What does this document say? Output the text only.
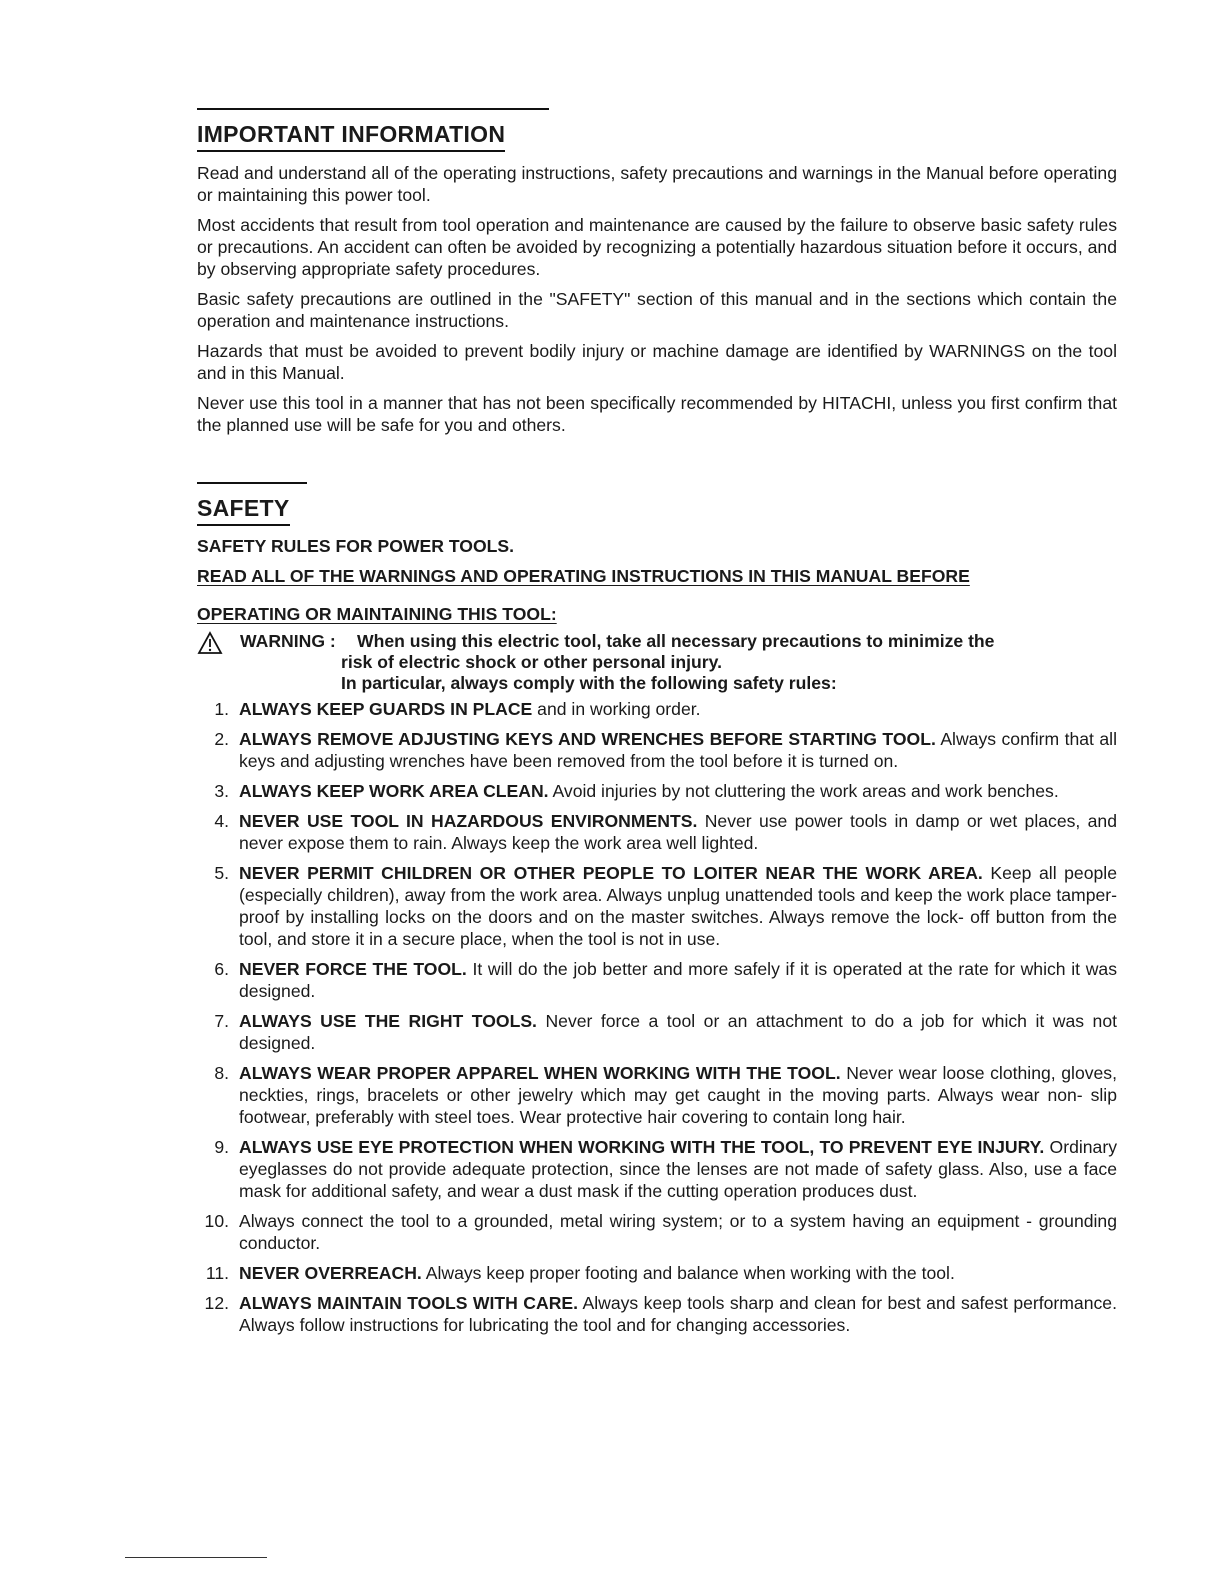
IMPORTANT INFORMATION

Read and understand all of the operating instructions, safety precautions and warnings in the Manual before operating or maintaining this power tool.

Most accidents that result from tool operation and maintenance are caused by the failure to observe basic safety rules or precautions. An accident can often be avoided by recognizing a potentially hazardous situation before it occurs, and by observing appropriate safety procedures.

Basic safety precautions are outlined in the "SAFETY" section of this manual and in the sections which contain the operation and maintenance instructions.

Hazards that must be avoided to prevent bodily injury or machine damage are identified by WARNINGS on the tool and in this Manual.

Never use this tool in a manner that has not been specifically recommended by HITACHI, unless you first confirm that the planned use will be safe for you and others.

SAFETY
SAFETY RULES FOR POWER TOOLS.
READ ALL OF THE WARNINGS AND OPERATING INSTRUCTIONS IN THIS MANUAL BEFORE
OPERATING OR MAINTAINING THIS TOOL:
WARNING : When using this electric tool, take all necessary precautions to minimize the
risk of electric shock or other personal injury.
In particular, always comply with the following safety rules:
1. ALWAYS KEEP GUARDS IN PLACE and in working order.
2. ALWAYS REMOVE ADJUSTING KEYS AND WRENCHES BEFORE STARTING TOOL. Always confirm that all keys and adjusting wrenches have been removed from the tool before it is turned on.
3. ALWAYS KEEP WORK AREA CLEAN. Avoid injuries by not cluttering the work areas and work benches.
4. NEVER USE TOOL IN HAZARDOUS ENVIRONMENTS. Never use power tools in damp or wet places, and never expose them to rain. Always keep the work area well lighted.
5. NEVER PERMIT CHILDREN OR OTHER PEOPLE TO LOITER NEAR THE WORK AREA. Keep all people (especially children), away from the work area. Always unplug unattended tools and keep the work place tamper- proof by installing locks on the doors and on the master switches. Always remove the lock- off button from the tool, and store it in a secure place, when the tool is not in use.
6. NEVER FORCE THE TOOL. It will do the job better and more safely if it is operated at the rate for which it was designed.
7. ALWAYS USE THE RIGHT TOOLS. Never force a tool or an attachment to do a job for which it was not designed.
8. ALWAYS WEAR PROPER APPAREL WHEN WORKING WITH THE TOOL. Never wear loose clothing, gloves, neckties, rings, bracelets or other jewelry which may get caught in the moving parts. Always wear non- slip footwear, preferably with steel toes. Wear protective hair covering to contain long hair.
9. ALWAYS USE EYE PROTECTION WHEN WORKING WITH THE TOOL, TO PREVENT EYE INJURY. Ordinary eyeglasses do not provide adequate protection, since the lenses are not made of safety glass. Also, use a face mask for additional safety, and wear a dust mask if the cutting operation produces dust.
10. Always connect the tool to a grounded, metal wiring system; or to a system having an equipment - grounding conductor.
11. NEVER OVERREACH. Always keep proper footing and balance when working with the tool.
12. ALWAYS MAINTAIN TOOLS WITH CARE. Always keep tools sharp and clean for best and safest performance. Always follow instructions for lubricating the tool and for changing accessories.
